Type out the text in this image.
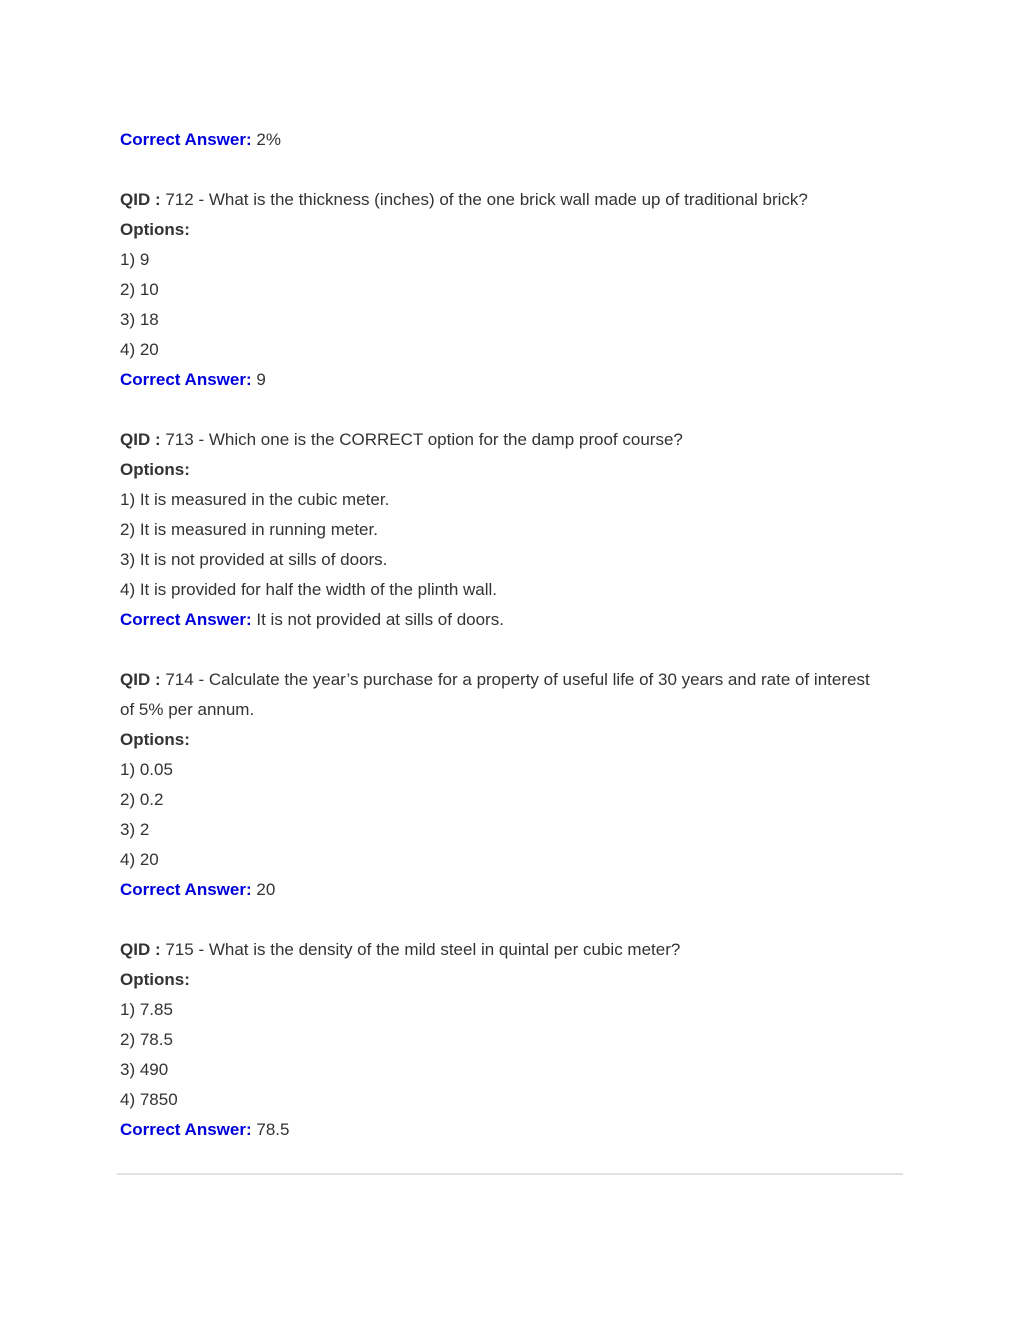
Correct Answer: 2%
QID : 712 - What is the thickness (inches) of the one brick wall made up of traditional brick?
Options:
1) 9
2) 10
3) 18
4) 20
Correct Answer: 9
QID : 713 - Which one is the CORRECT option for the damp proof course?
Options:
1) It is measured in the cubic meter.
2) It is measured in running meter.
3) It is not provided at sills of doors.
4) It is provided for half the width of the plinth wall.
Correct Answer: It is not provided at sills of doors.
QID : 714 - Calculate the year’s purchase for a property of useful life of 30 years and rate of interest of 5% per annum.
Options:
1) 0.05
2) 0.2
3) 2
4) 20
Correct Answer: 20
QID : 715 - What is the density of the mild steel in quintal per cubic meter?
Options:
1) 7.85
2) 78.5
3) 490
4) 7850
Correct Answer: 78.5
